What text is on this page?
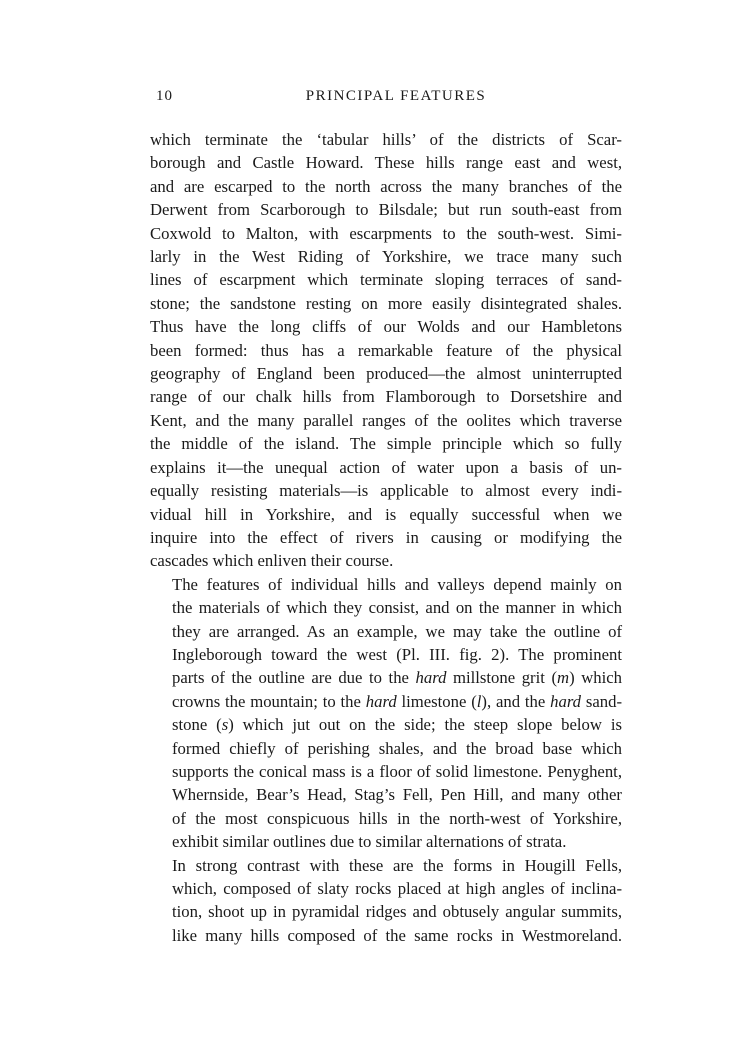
10	PRINCIPAL FEATURES

which terminate the ‘tabular hills’ of the districts of Scar-
borough and Castle Howard. These hills range east and west,
and are escarped to the north across the many branches of the
Derwent from Scarborough to Bilsdale; but run south-east from
Coxwold to Malton, with escarpments to the south-west. Simi-
larly in the West Riding of Yorkshire, we trace many such
lines of escarpment which terminate sloping terraces of sand-
stone; the sandstone resting on more easily disintegrated shales.
Thus have the long cliffs of our Wolds and our Hambletons
been formed: thus has a remarkable feature of the physical
geography of England been produced—the almost uninterrupted
range of our chalk hills from Flamborough to Dorsetshire and
Kent, and the many parallel ranges of the oolites which traverse
the middle of the island. The simple principle which so fully
explains it—the unequal action of water upon a basis of un-
equally resisting materials—is applicable to almost every indi-
vidual hill in Yorkshire, and is equally successful when we
inquire into the effect of rivers in causing or modifying the
cascades which enliven their course.

The features of individual hills and valleys depend mainly on
the materials of which they consist, and on the manner in which
they are arranged. As an example, we may take the outline of
Ingleborough toward the west (Pl. III. fig. 2). The prominent
parts of the outline are due to the hard millstone grit (m) which
crowns the mountain; to the hard limestone (l), and the hard sand-
stone (s) which jut out on the side; the steep slope below is
formed chiefly of perishing shales, and the broad base which
supports the conical mass is a floor of solid limestone. Penyghent,
Whernside, Bear’s Head, Stag’s Fell, Pen Hill, and many other
of the most conspicuous hills in the north-west of Yorkshire,
exhibit similar outlines due to similar alternations of strata.

In strong contrast with these are the forms in Hougill Fells,
which, composed of slaty rocks placed at high angles of inclina-
tion, shoot up in pyramidal ridges and obtusely angular summits,
like many hills composed of the same rocks in Westmoreland.
